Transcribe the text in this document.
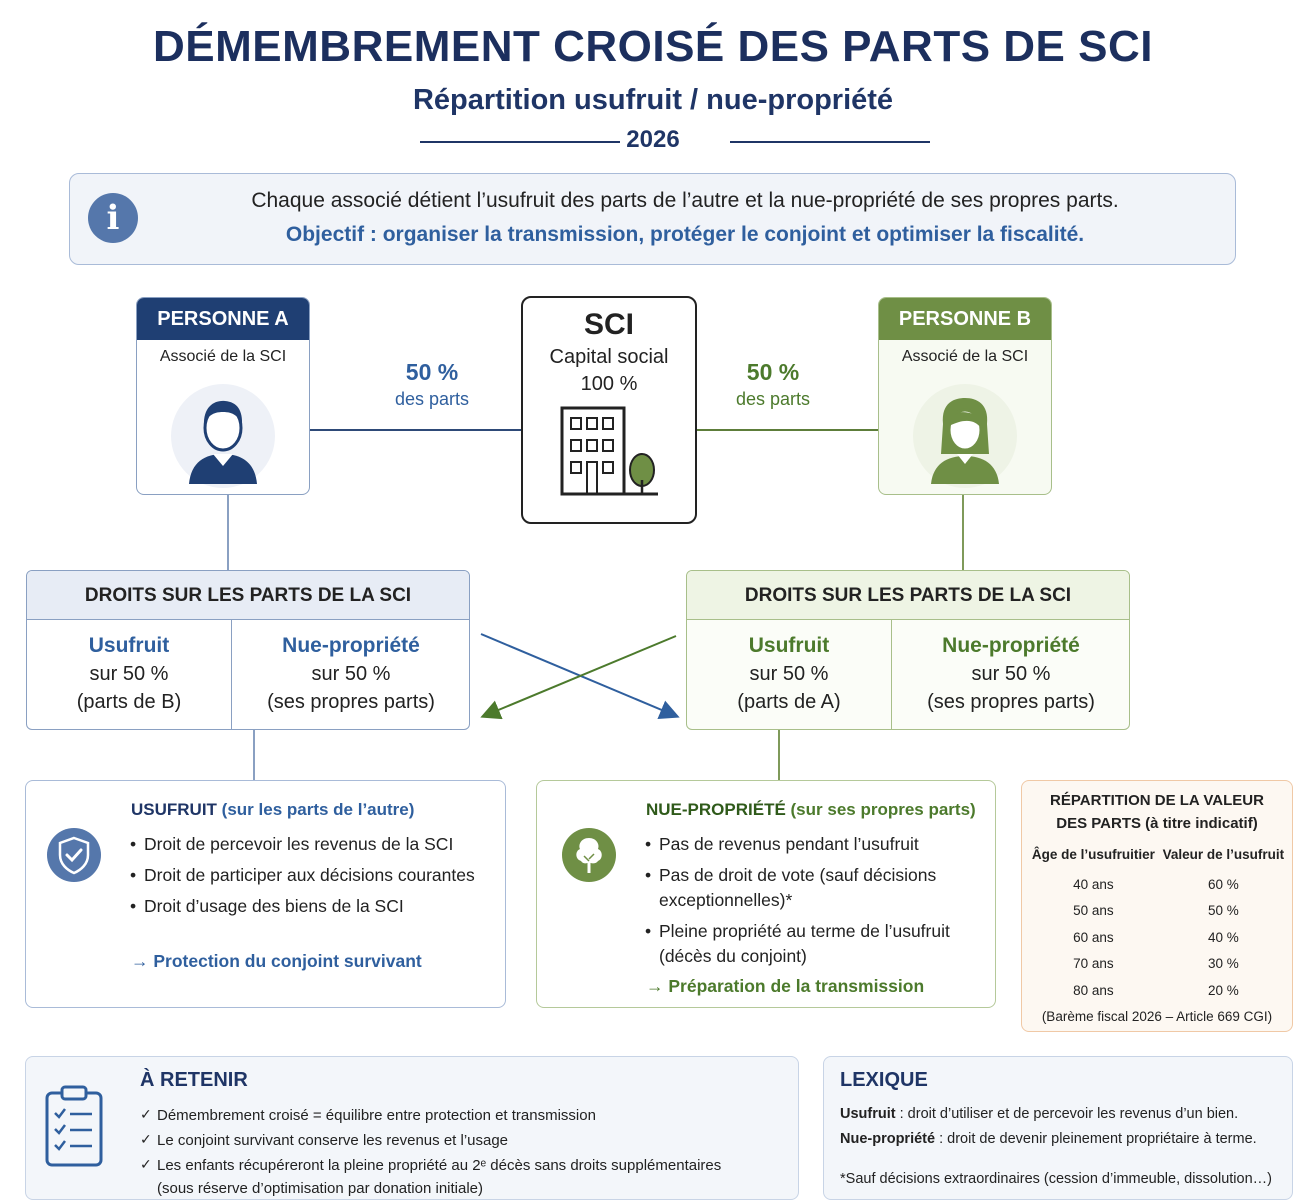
DÉMEMBREMENT CROISÉ DES PARTS DE SCI
Répartition usufruit / nue-propriété
2026
i	Chaque associé détient l’usufruit des parts de l’autre et la nue-propriété de ses propres parts.
Objectif : organiser la transmission, protéger le conjoint et optimiser la fiscalité.
PERSONNE A
Associé de la SCI
PERSONNE B
Associé de la SCI
50 %
des parts
50 %
des parts
SCI
Capital social
100 %
DROITS SUR LES PARTS DE LA SCI
Usufruit
sur 50 %
(parts de B)
Nue-propriété
sur 50 %
(ses propres parts)
DROITS SUR LES PARTS DE LA SCI
Usufruit
sur 50 %
(parts de A)
Nue-propriété
sur 50 %
(ses propres parts)
USUFRUIT (sur les parts de l’autre)
• Droit de percevoir les revenus de la SCI
• Droit de participer aux décisions courantes
• Droit d’usage des biens de la SCI
→ Protection du conjoint survivant
NUE-PROPRIÉTÉ (sur ses propres parts)
• Pas de revenus pendant l’usufruit
• Pas de droit de vote (sauf décisions exceptionnelles)*
• Pleine propriété au terme de l’usufruit (décès du conjoint)
→ Préparation de la transmission
RÉPARTITION DE LA VALEUR
DES PARTS (à titre indicatif)
Âge de l’usufruitier	Valeur de l’usufruit
40 ans	60 %
50 ans	50 %
60 ans	40 %
70 ans	30 %
80 ans	20 %
(Barème fiscal 2026 – Article 669 CGI)
À RETENIR
✓ Démembrement croisé = équilibre entre protection et transmission
✓ Le conjoint survivant conserve les revenus et l’usage
✓ Les enfants récupéreront la pleine propriété au 2ᵉ décès sans droits supplémentaires
(sous réserve d’optimisation par donation initiale)
LEXIQUE
Usufruit : droit d’utiliser et de percevoir les revenus d’un bien.
Nue-propriété : droit de devenir pleinement propriétaire à terme.
*Sauf décisions extraordinaires (cession d’immeuble, dissolution…)
